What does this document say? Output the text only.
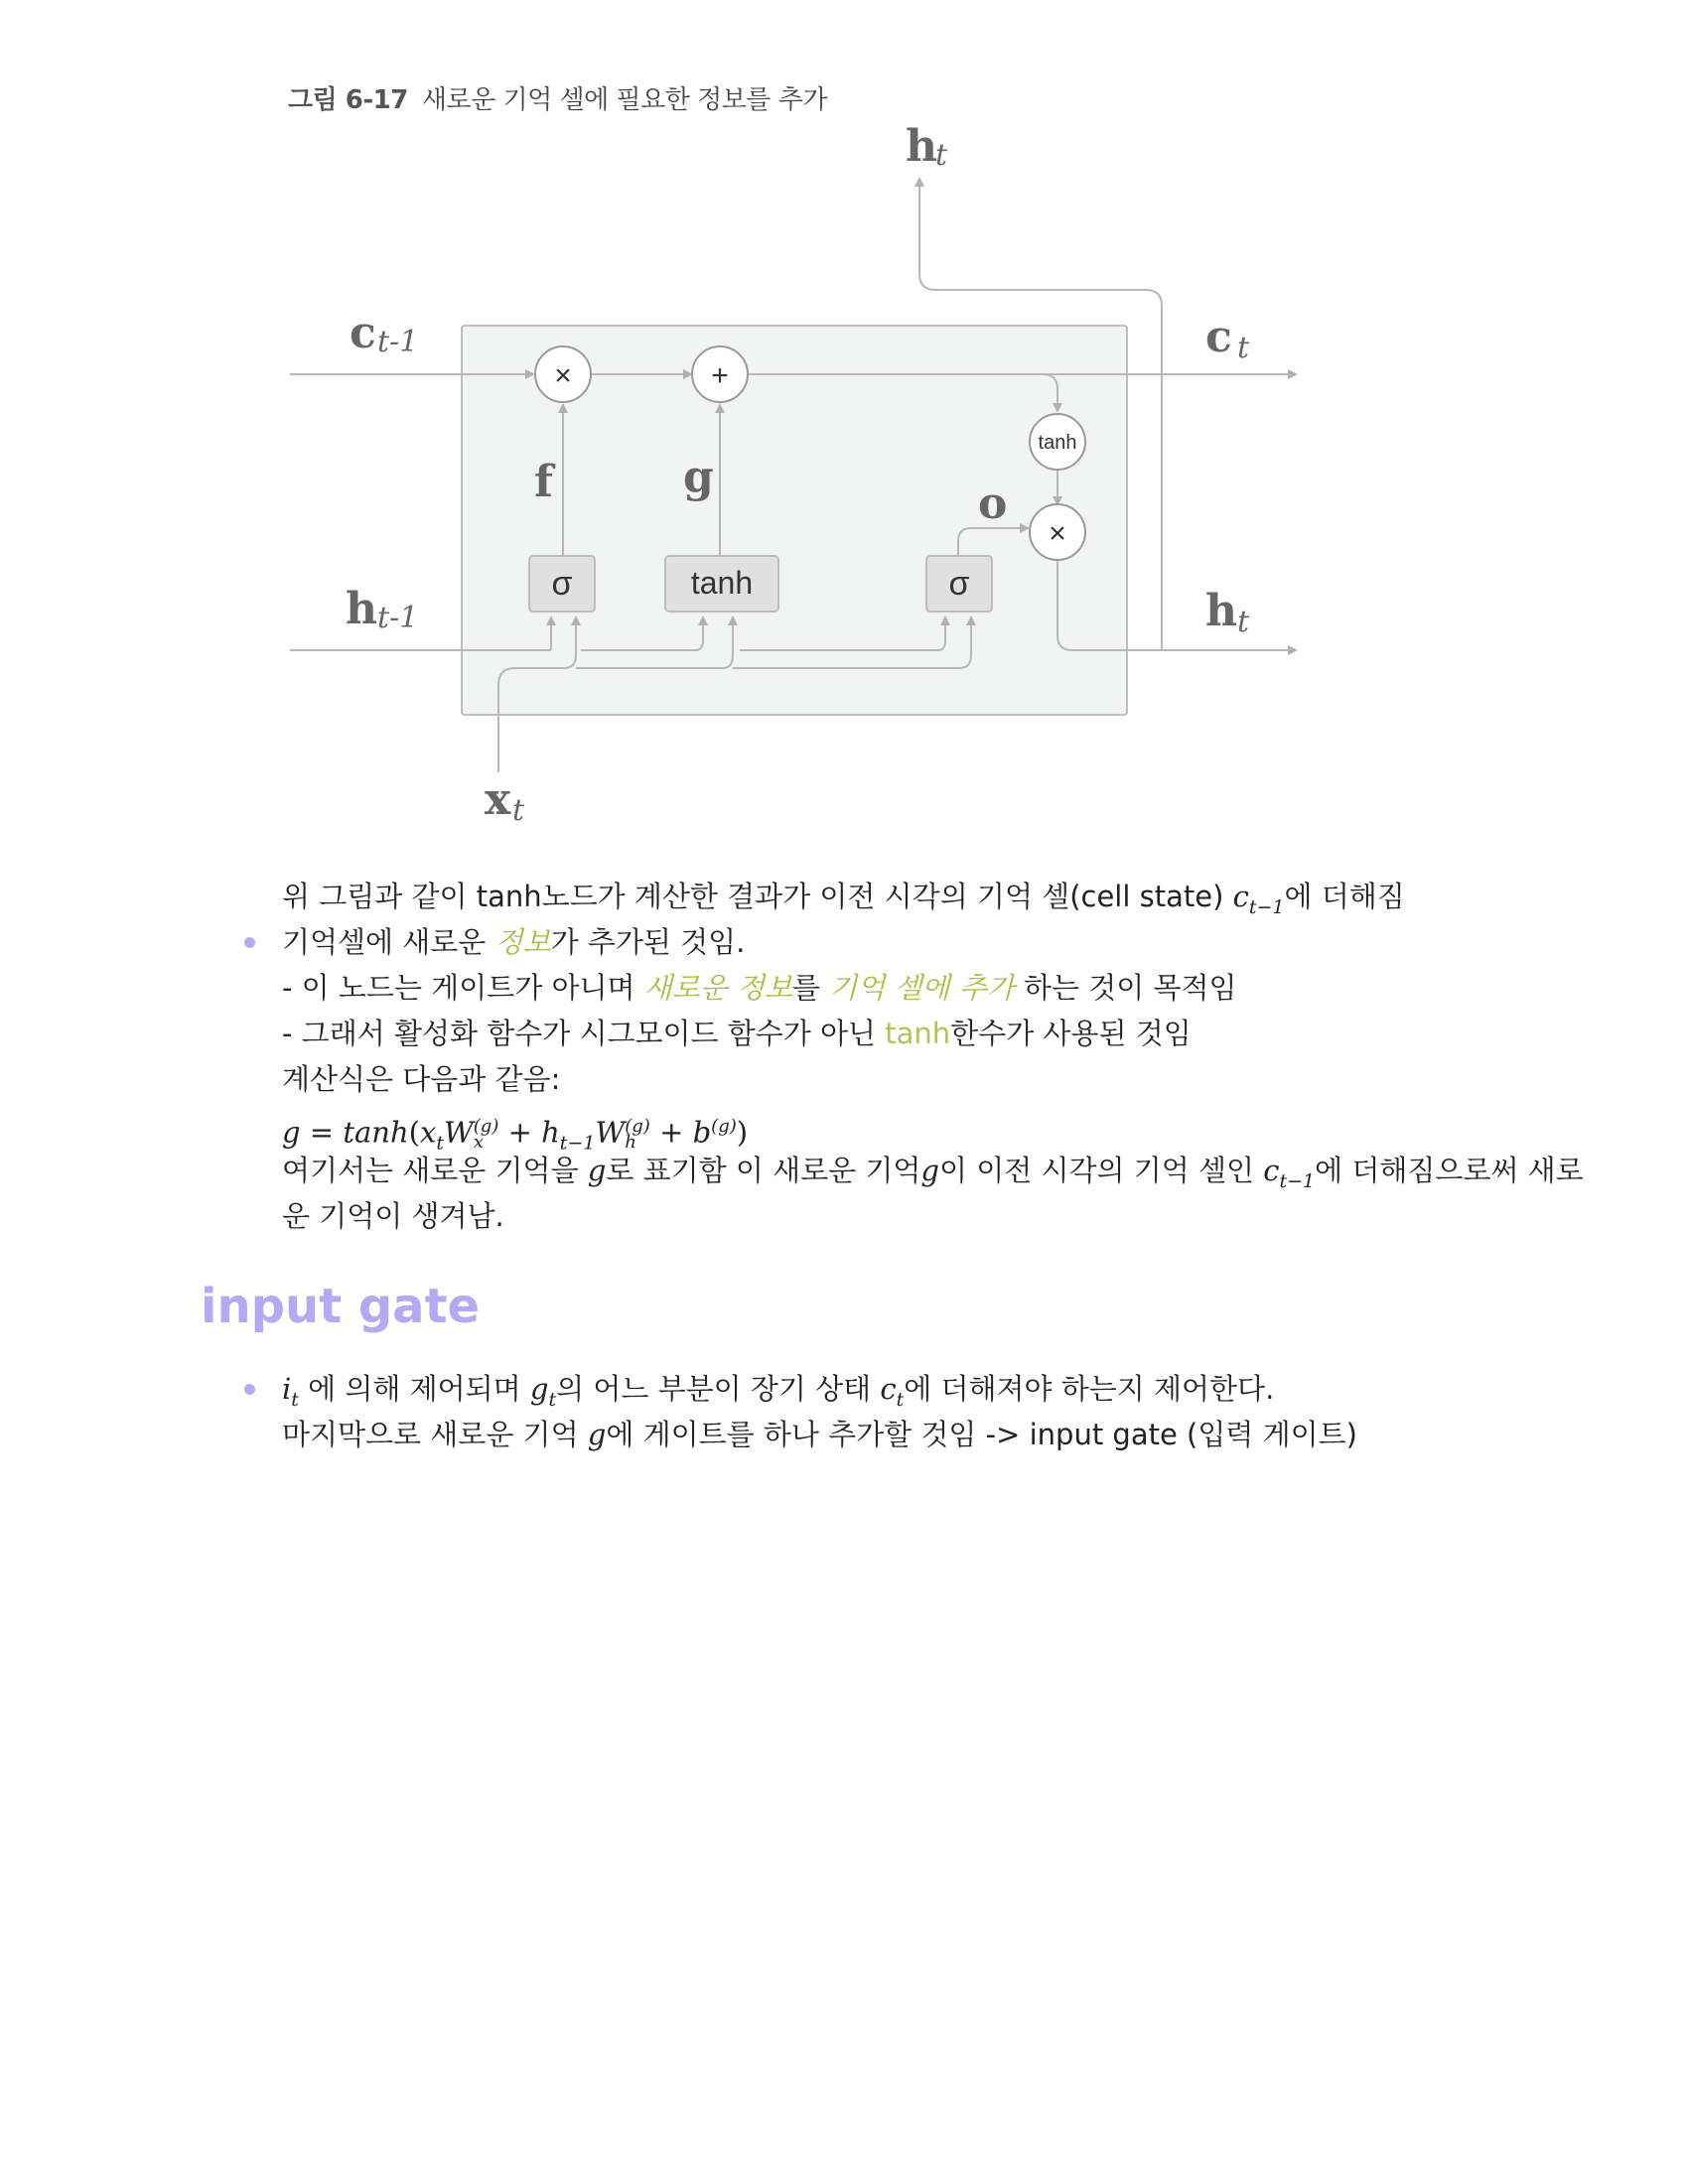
그림 6-17 새로운 기억 셀에 필요한 정보를 추가
×	+
tanh
×
σ	tanh	σ
h
t
c t-1	c t
h t-1	h t
x t
f	g
o
위 그림과 같이 tanh노드가 계산한 결과가 이전 시각의 기억 셀(cell state) $c_{t-1}$에 더해짐
기억셀에 새로운 정보가 추가된 것임.
- 이 노드는 게이트가 아니며 새로운 정보를 기억 셀에 추가 하는 것이 목적임
- 그래서 활성화 함수가 시그모이드 함수가 아닌 tanh한수가 사용된 것임
계산식은 다음과 같음:
$g = \tanh(x_tW$ (g)
$x + h_{t-1}W$ (g)
$h + b^{(g)}$)
여기서는 새로운 기억을 g로 표기함 이 새로운 기억g이 이전 시각의 기억 셀인 $c_{t-1}$에 더해짐으로써 새로
운 기억이 생겨남.
$i_t$ 에 의해 제어되며 $g_t$의 어느 부분이 장기 상태 $c_t$에 더해져야 하는지 제어한다.
마지막으로 새로운 기억 g에 게이트를 하나 추가할 것임 -> input gate (입력 게이트)
input gate
